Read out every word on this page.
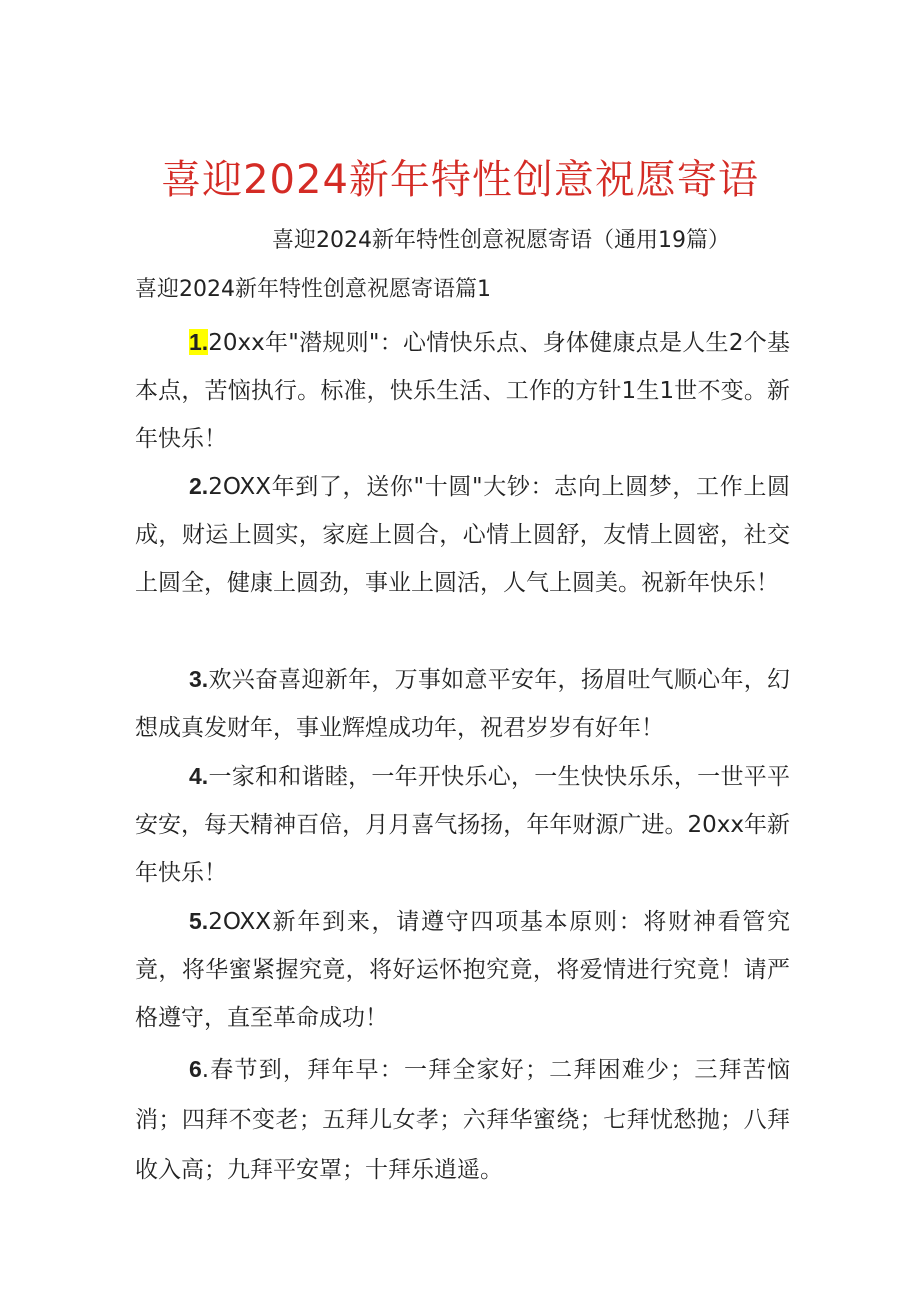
喜迎2024新年特性创意祝愿寄语
喜迎2024新年特性创意祝愿寄语（通用19篇）
喜迎2024新年特性创意祝愿寄语篇1
1.20xx年"潜规则"：心情快乐点、身体健康点是人生2个基本点，苦恼执行。标准，快乐生活、工作的方针1生1世不变。新年快乐！
2.2OXX年到了，送你"十圆"大钞：志向上圆梦，工作上圆成，财运上圆实，家庭上圆合，心情上圆舒，友情上圆密，社交上圆全，健康上圆劲，事业上圆活，人气上圆美。祝新年快乐！
3.欢兴奋喜迎新年，万事如意平安年，扬眉吐气顺心年，幻想成真发财年，事业辉煌成功年，祝君岁岁有好年！
4.一家和和谐睦，一年开快乐心，一生快快乐乐，一世平平安安，每天精神百倍，月月喜气扬扬，年年财源广进。20xx年新年快乐！
5.2OXX新年到来，请遵守四项基本原则：将财神看管究竟，将华蜜紧握究竟，将好运怀抱究竟，将爱情进行究竟！请严格遵守，直至革命成功！
6.春节到，拜年早：一拜全家好；二拜困难少；三拜苦恼消；四拜不变老；五拜儿女孝；六拜华蜜绕；七拜忧愁抛；八拜收入高；九拜平安罩；十拜乐逍遥。
